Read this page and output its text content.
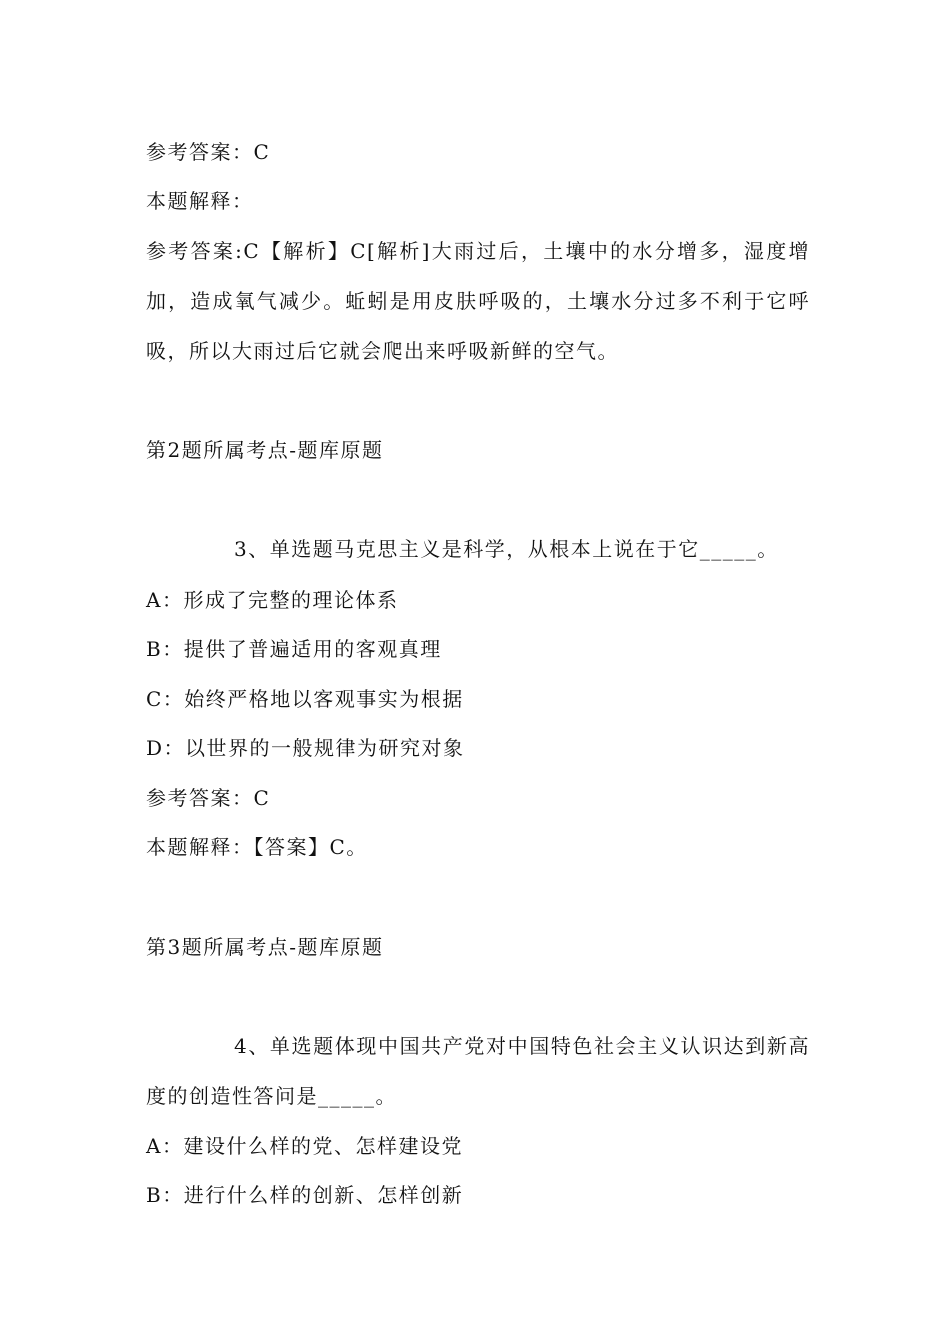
参考答案：C
本题解释：
参考答案:C【解析】C[解析]大雨过后，土壤中的水分增多，湿度增加，造成氧气减少。蚯蚓是用皮肤呼吸的，土壤水分过多不利于它呼吸，所以大雨过后它就会爬出来呼吸新鲜的空气。
第2题所属考点-题库原题
3、单选题马克思主义是科学，从根本上说在于它_____。
A：形成了完整的理论体系
B：提供了普遍适用的客观真理
C：始终严格地以客观事实为根据
D：以世界的一般规律为研究对象
参考答案：C
本题解释：【答案】C。
第3题所属考点-题库原题
4、单选题体现中国共产党对中国特色社会主义认识达到新高度的创造性答问是_____。
A：建设什么样的党、怎样建设党
B：进行什么样的创新、怎样创新
